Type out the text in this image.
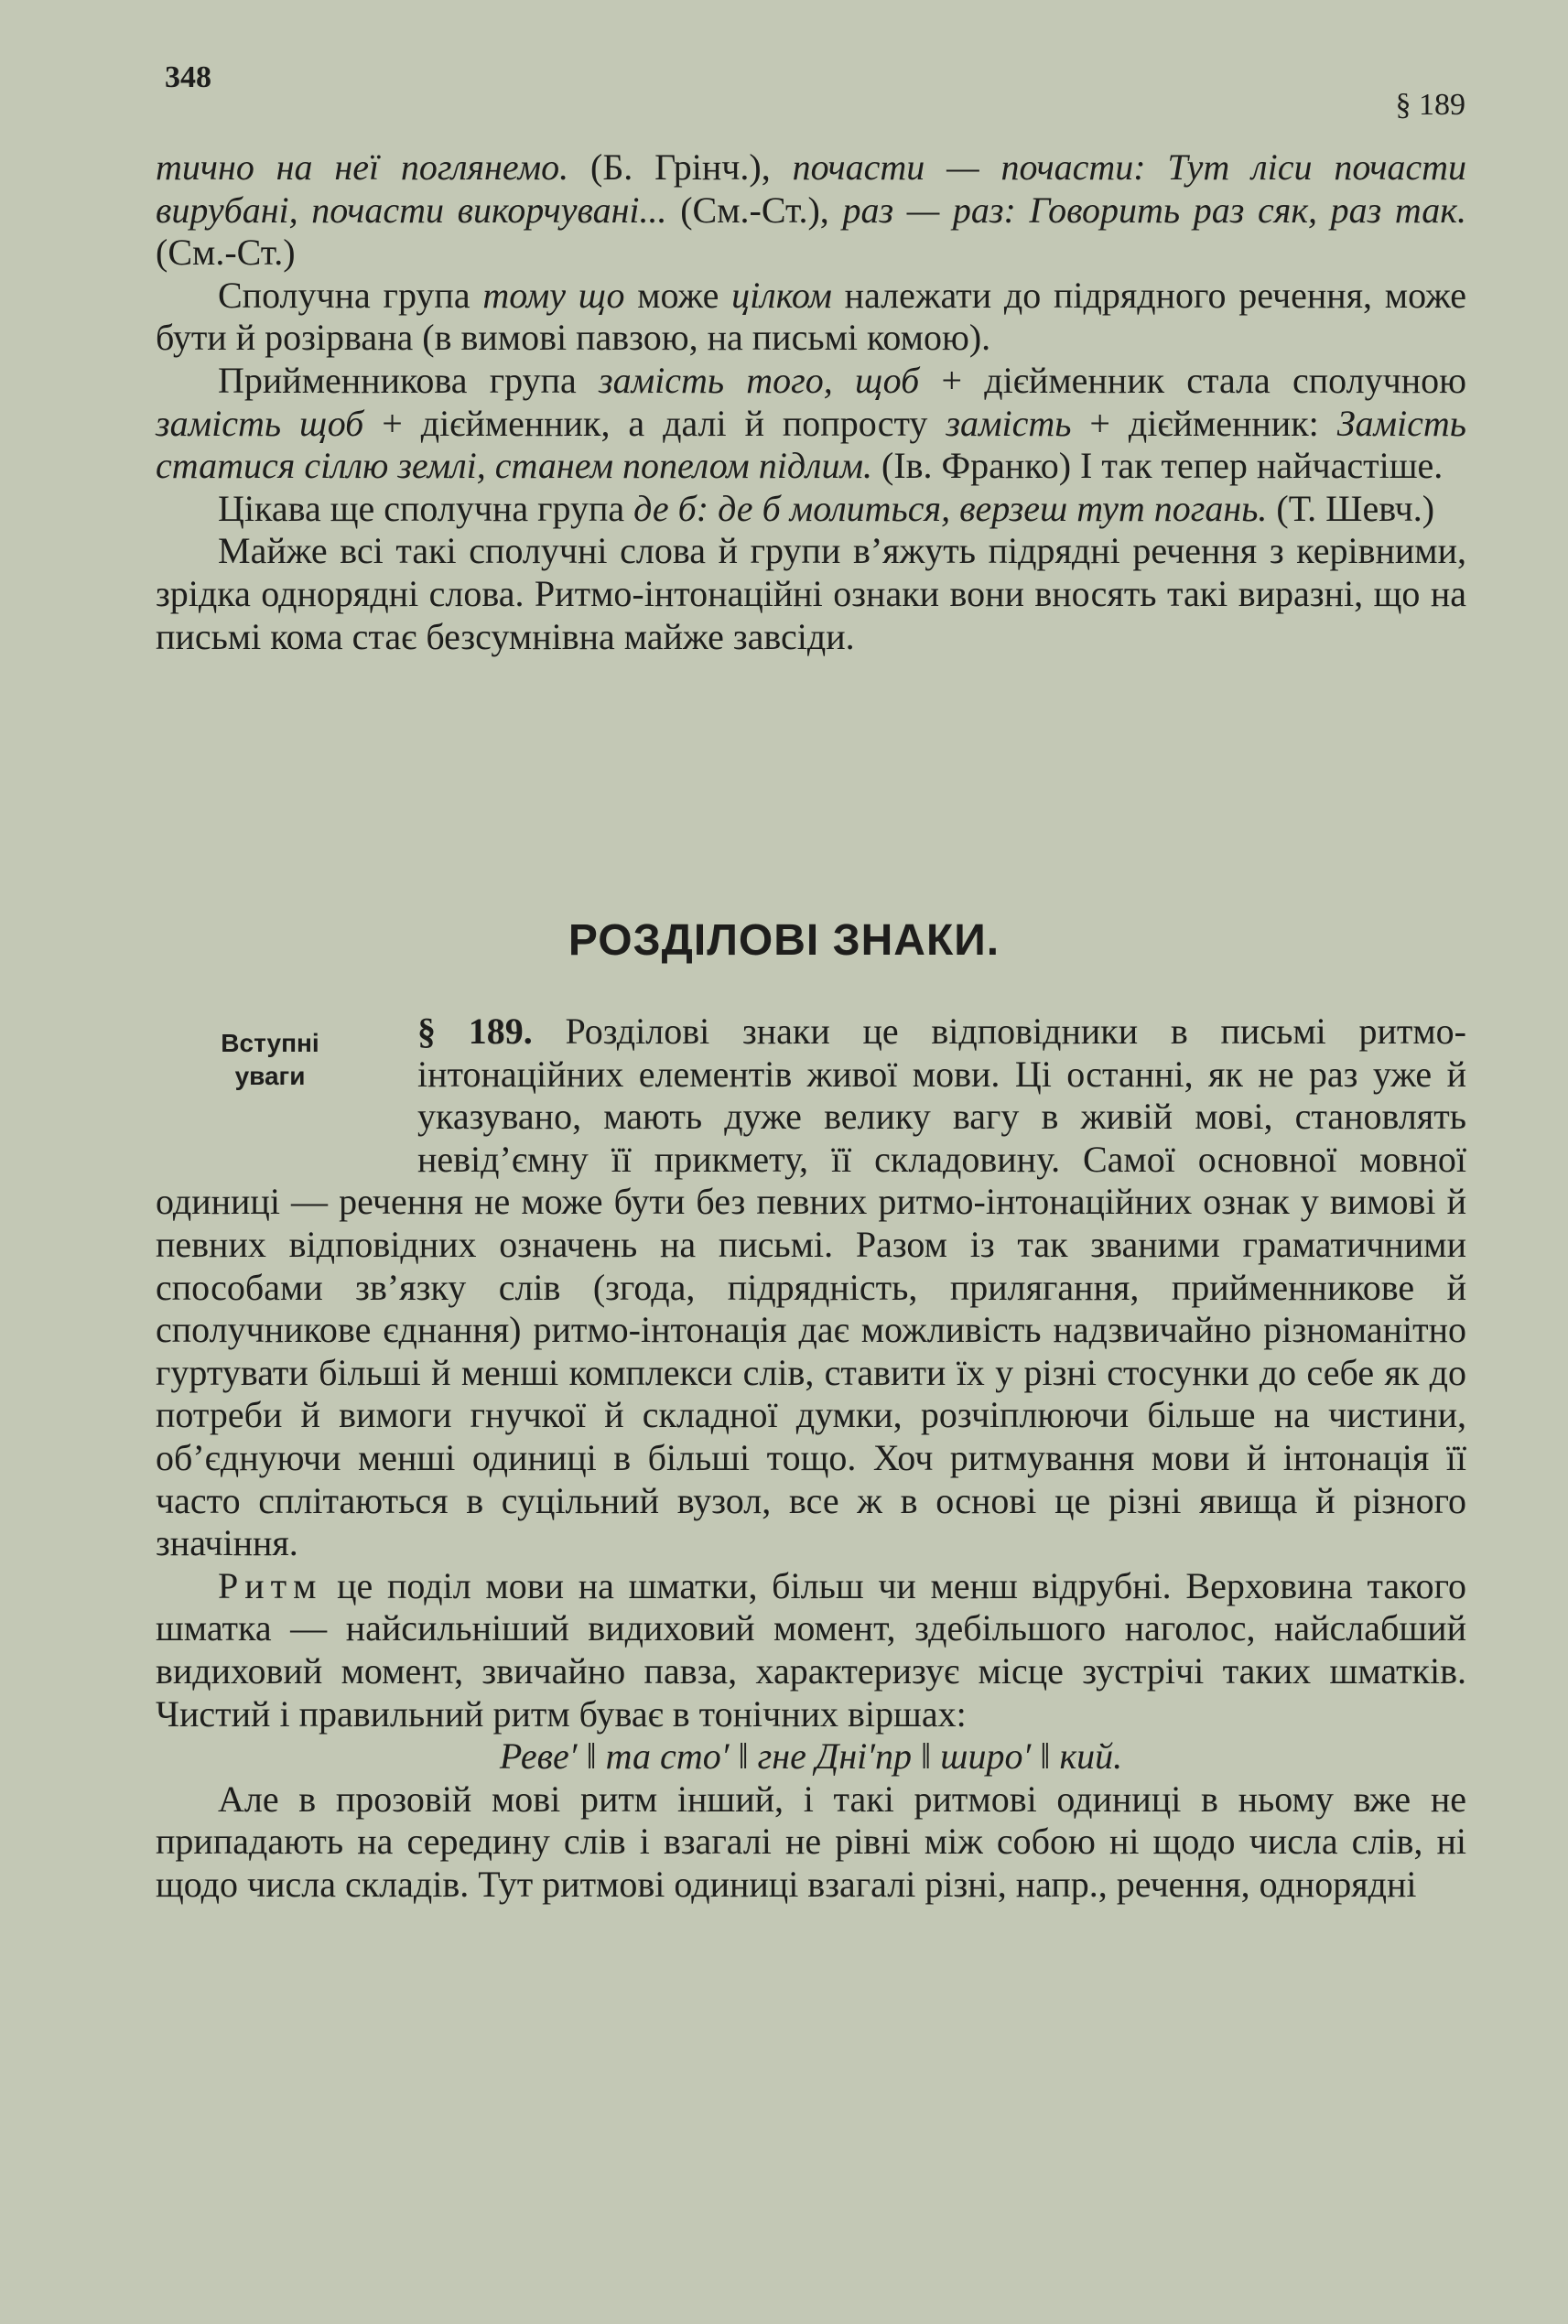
348
§ 189

тично на неї поглянемо. (Б. Грінч.), почасти — почасти: Тут ліси почасти вирубані, почасти викорчувані... (См.-Ст.), раз — раз: Говорить раз сяк, раз так. (См.-Ст.)

Сполучна група тому що може цілком належати до підрядного речення, може бути й розірвана (в вимові павзою, на письмі комою).

Прийменникова група замість того, щоб + дієйменник стала сполучною замість щоб + дієйменник, а далі й попросту замість + дієйменник: Замість статися сіллю землі, станем попелом підлим. (Ів. Франко) І так тепер найчастіше.

Цікава ще сполучна група де б: де б молиться, верзеш тут погань. (Т. Шевч.)

Майже всі такі сполучні слова й групи в’яжуть підрядні речення з керівними, зрідка однорядні слова. Ритмо-інтонаційні ознаки вони вносять такі виразні, що на письмі кома стає безсумнівна майже завсіди.

РОЗДІЛОВІ ЗНАКИ.
Вступні
уваги

§ 189. Розділові знаки це відповідники в письмі ритмо-інтонаційних елементів живої мови. Ці останні, як не раз уже й указувано, мають дуже велику вагу в живій мові, становлять невід’ємну її прикмету, її складовину. Самої основної мовної одиниці — речення не може бути без певних ритмо-інтонаційних ознак у вимові й певних відповідних означень на письмі. Разом із так званими граматичними способами зв’язку слів (згода, підрядність, прилягання, прийменникове й сполучникове єднання) ритмо-інтонація дає можливість надзвичайно різноманітно гуртувати більші й менші комплекси слів, ставити їх у різні стосунки до себе як до потреби й вимоги гнучкої й складної думки, розчіплюючи більше на чистини, об’єднуючи менші одиниці в більші тощо. Хоч ритмування мови й інтонація її часто сплітаються в суцільний вузол, все ж в основі це різні явища й різного значіння.

Ритм це поділ мови на шматки, більш чи менш відрубні. Верховина такого шматка — найсильніший видиховий момент, здебільшого наголос, найслабший видиховий момент, звичайно павза, характеризує місце зустрічі таких шматків. Чистий і правильний ритм буває в тонічних віршах:

Реве′ ‖ та сто′ ‖ гне Дні′пр ‖ широ′ ‖ кий.

Але в прозовій мові ритм інший, і такі ритмові одиниці в ньому вже не припадають на середину слів і взагалі не рівні між собою ні щодо числа слів, ні щодо числа складів. Тут ритмові одиниці взагалі різні, напр., речення, однорядні
